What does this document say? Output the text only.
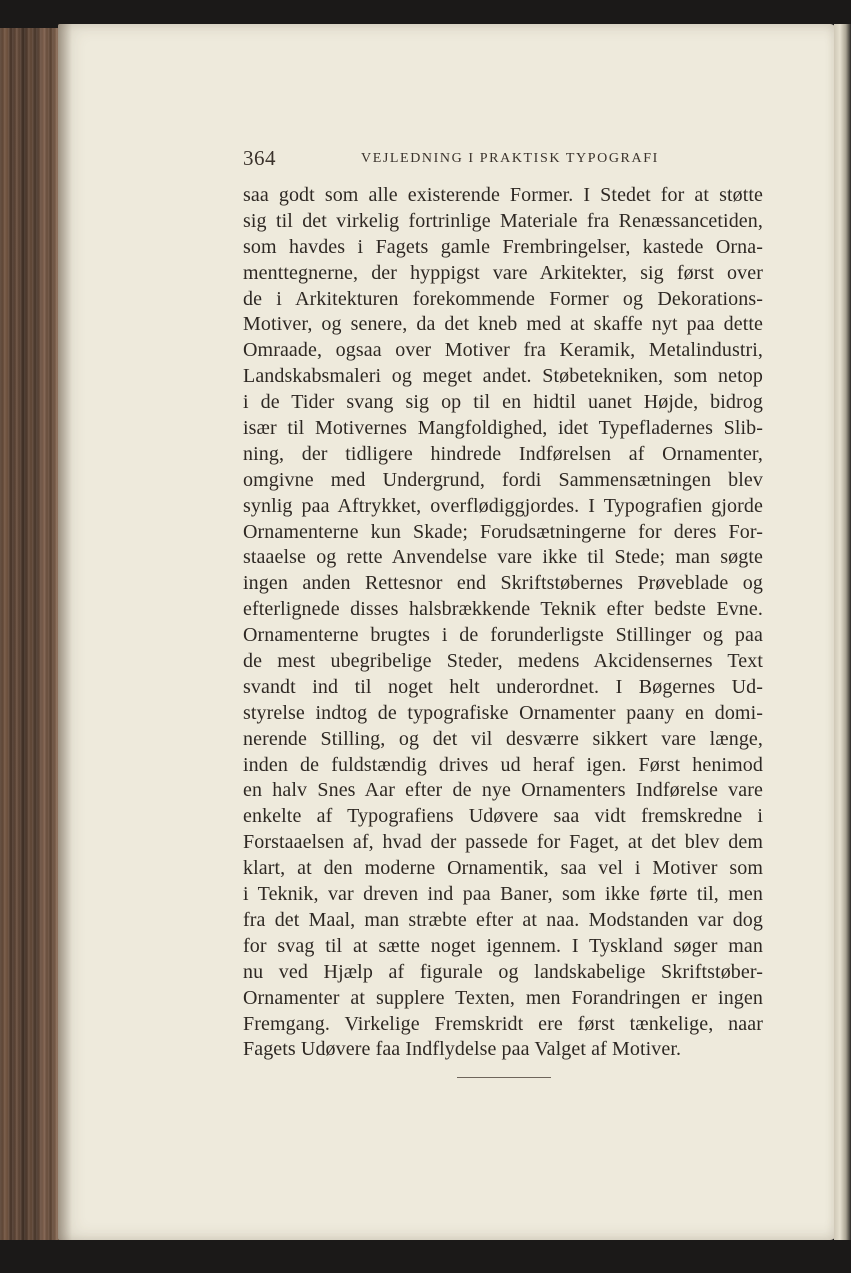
364	VEJLEDNING I PRAKTISK TYPOGRAFI
saa godt som alle existerende Former. I Stedet for at støtte
sig til det virkelig fortrinlige Materiale fra Renæssancetiden,
som havdes i Fagets gamle Frembringelser, kastede Orna-
menttegnerne, der hyppigst vare Arkitekter, sig først over
de i Arkitekturen forekommende Former og Dekorations-
Motiver, og senere, da det kneb med at skaffe nyt paa dette
Omraade, ogsaa over Motiver fra Keramik, Metalindustri,
Landskabsmaleri og meget andet. Støbetekniken, som netop
i de Tider svang sig op til en hidtil uanet Højde, bidrog
især til Motivernes Mangfoldighed, idet Typefladernes Slib-
ning, der tidligere hindrede Indførelsen af Ornamenter,
omgivne med Undergrund, fordi Sammensætningen blev
synlig paa Aftrykket, overflødiggjordes. I Typografien gjorde
Ornamenterne kun Skade; Forudsætningerne for deres For-
staaelse og rette Anvendelse vare ikke til Stede; man søgte
ingen anden Rettesnor end Skriftstøbernes Prøveblade og
efterlignede disses halsbrækkende Teknik efter bedste Evne.
Ornamenterne brugtes i de forunderligste Stillinger og paa
de mest ubegribelige Steder, medens Akcidensernes Text
svandt ind til noget helt underordnet. I Bøgernes Ud-
styrelse indtog de typografiske Ornamenter paany en domi-
nerende Stilling, og det vil desværre sikkert vare længe,
inden de fuldstændig drives ud heraf igen. Først henimod
en halv Snes Aar efter de nye Ornamenters Indførelse vare
enkelte af Typografiens Udøvere saa vidt fremskredne i
Forstaaelsen af, hvad der passede for Faget, at det blev dem
klart, at den moderne Ornamentik, saa vel i Motiver som
i Teknik, var dreven ind paa Baner, som ikke førte til, men
fra det Maal, man stræbte efter at naa. Modstanden var dog
for svag til at sætte noget igennem. I Tyskland søger man
nu ved Hjælp af figurale og landskabelige Skriftstøber-
Ornamenter at supplere Texten, men Forandringen er ingen
Fremgang. Virkelige Fremskridt ere først tænkelige, naar
Fagets Udøvere faa Indflydelse paa Valget af Motiver.
